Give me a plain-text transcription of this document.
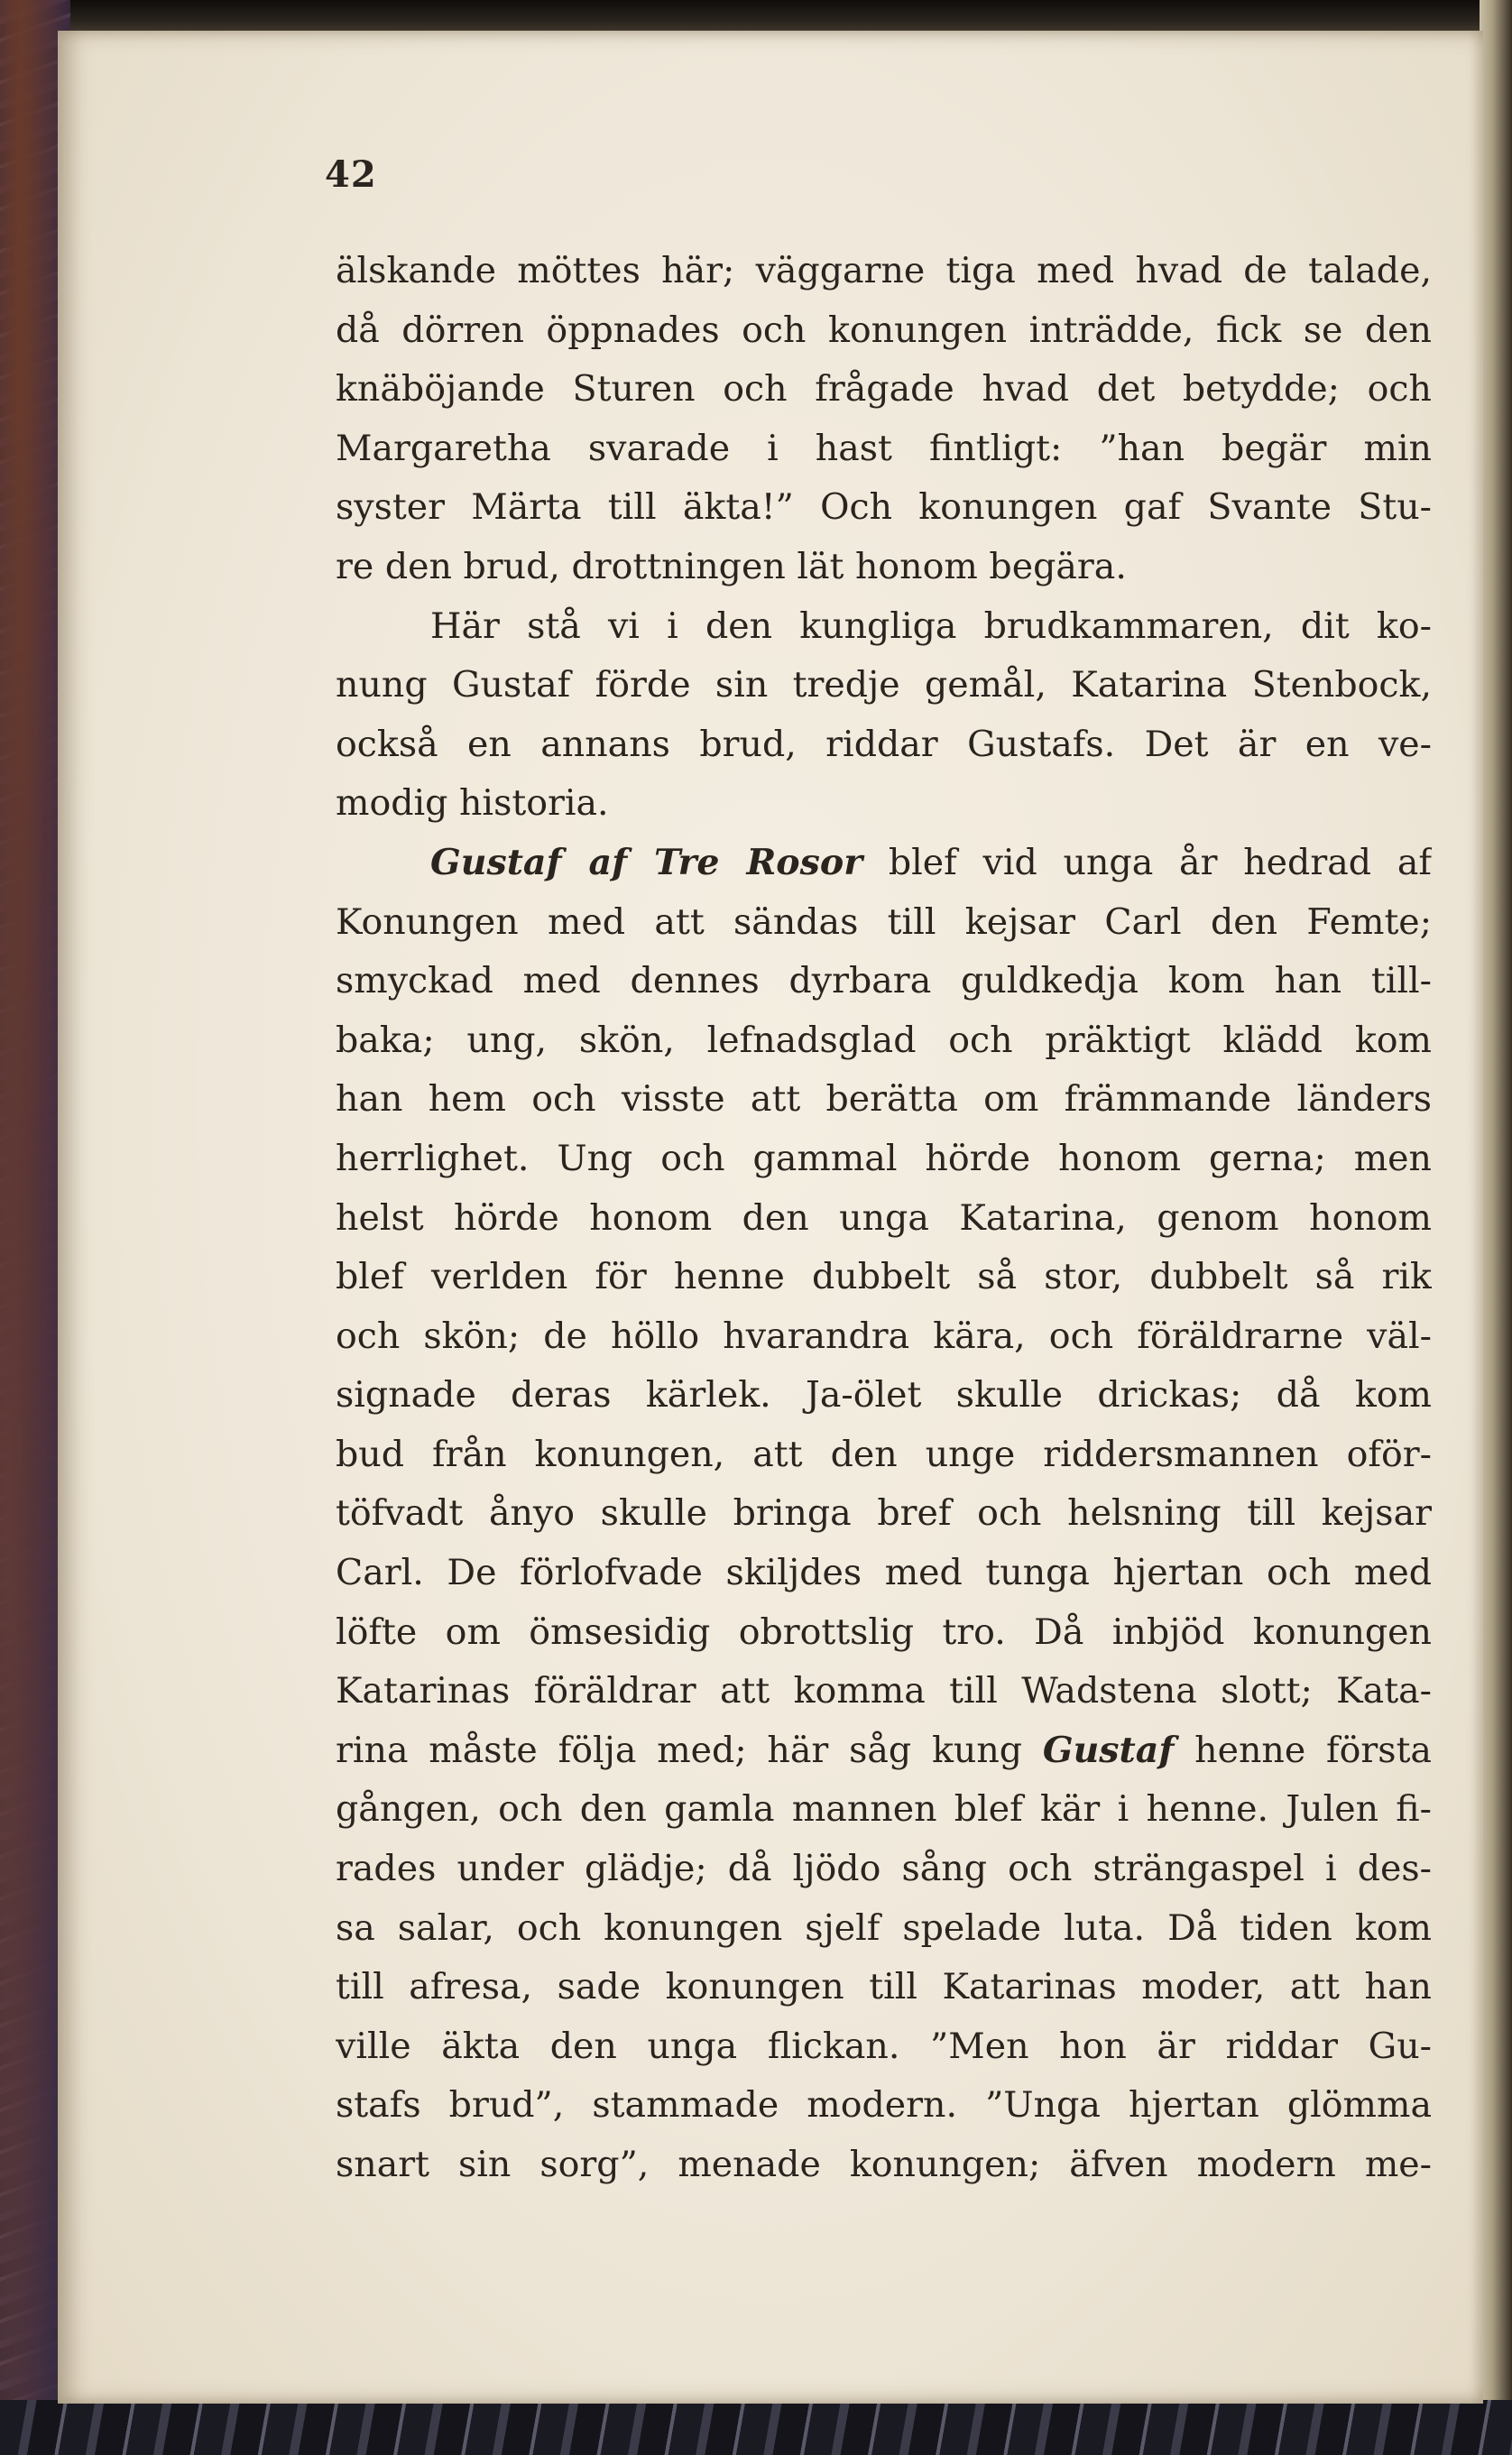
42
älskande möttes här; väggarne tiga med hvad de talade,
då dörren öppnades och konungen inträdde, fick se den
knäböjande Sturen och frågade hvad det betydde; och
Margaretha svarade i hast fintligt: ”han begär min
syster Märta till äkta!” Och konungen gaf Svante Stu-
re den brud, drottningen lät honom begära.
Här stå vi i den kungliga brudkammaren, dit ko-
nung Gustaf förde sin tredje gemål, Katarina Stenbock,
också en annans brud, riddar Gustafs. Det är en ve-
modig historia.
Gustaf af Tre Rosor blef vid unga år hedrad af
Konungen med att sändas till kejsar Carl den Femte;
smyckad med dennes dyrbara guldkedja kom han till-
baka; ung, skön, lefnadsglad och präktigt klädd kom
han hem och visste att berätta om främmande länders
herrlighet. Ung och gammal hörde honom gerna; men
helst hörde honom den unga Katarina, genom honom
blef verlden för henne dubbelt så stor, dubbelt så rik
och skön; de höllo hvarandra kära, och föräldrarne väl-
signade deras kärlek. Ja-ölet skulle drickas; då kom
bud från konungen, att den unge riddersmannen oför-
töfvadt ånyo skulle bringa bref och helsning till kejsar
Carl. De förlofvade skiljdes med tunga hjertan och med
löfte om ömsesidig obrottslig tro. Då inbjöd konungen
Katarinas föräldrar att komma till Wadstena slott; Kata-
rina måste följa med; här såg kung Gustaf henne första
gången, och den gamla mannen blef kär i henne. Julen fi-
rades under glädje; då ljödo sång och strängaspel i des-
sa salar, och konungen sjelf spelade luta. Då tiden kom
till afresa, sade konungen till Katarinas moder, att han
ville äkta den unga flickan. ”Men hon är riddar Gu-
stafs brud”, stammade modern. ”Unga hjertan glömma
snart sin sorg”, menade konungen; äfven modern me-
